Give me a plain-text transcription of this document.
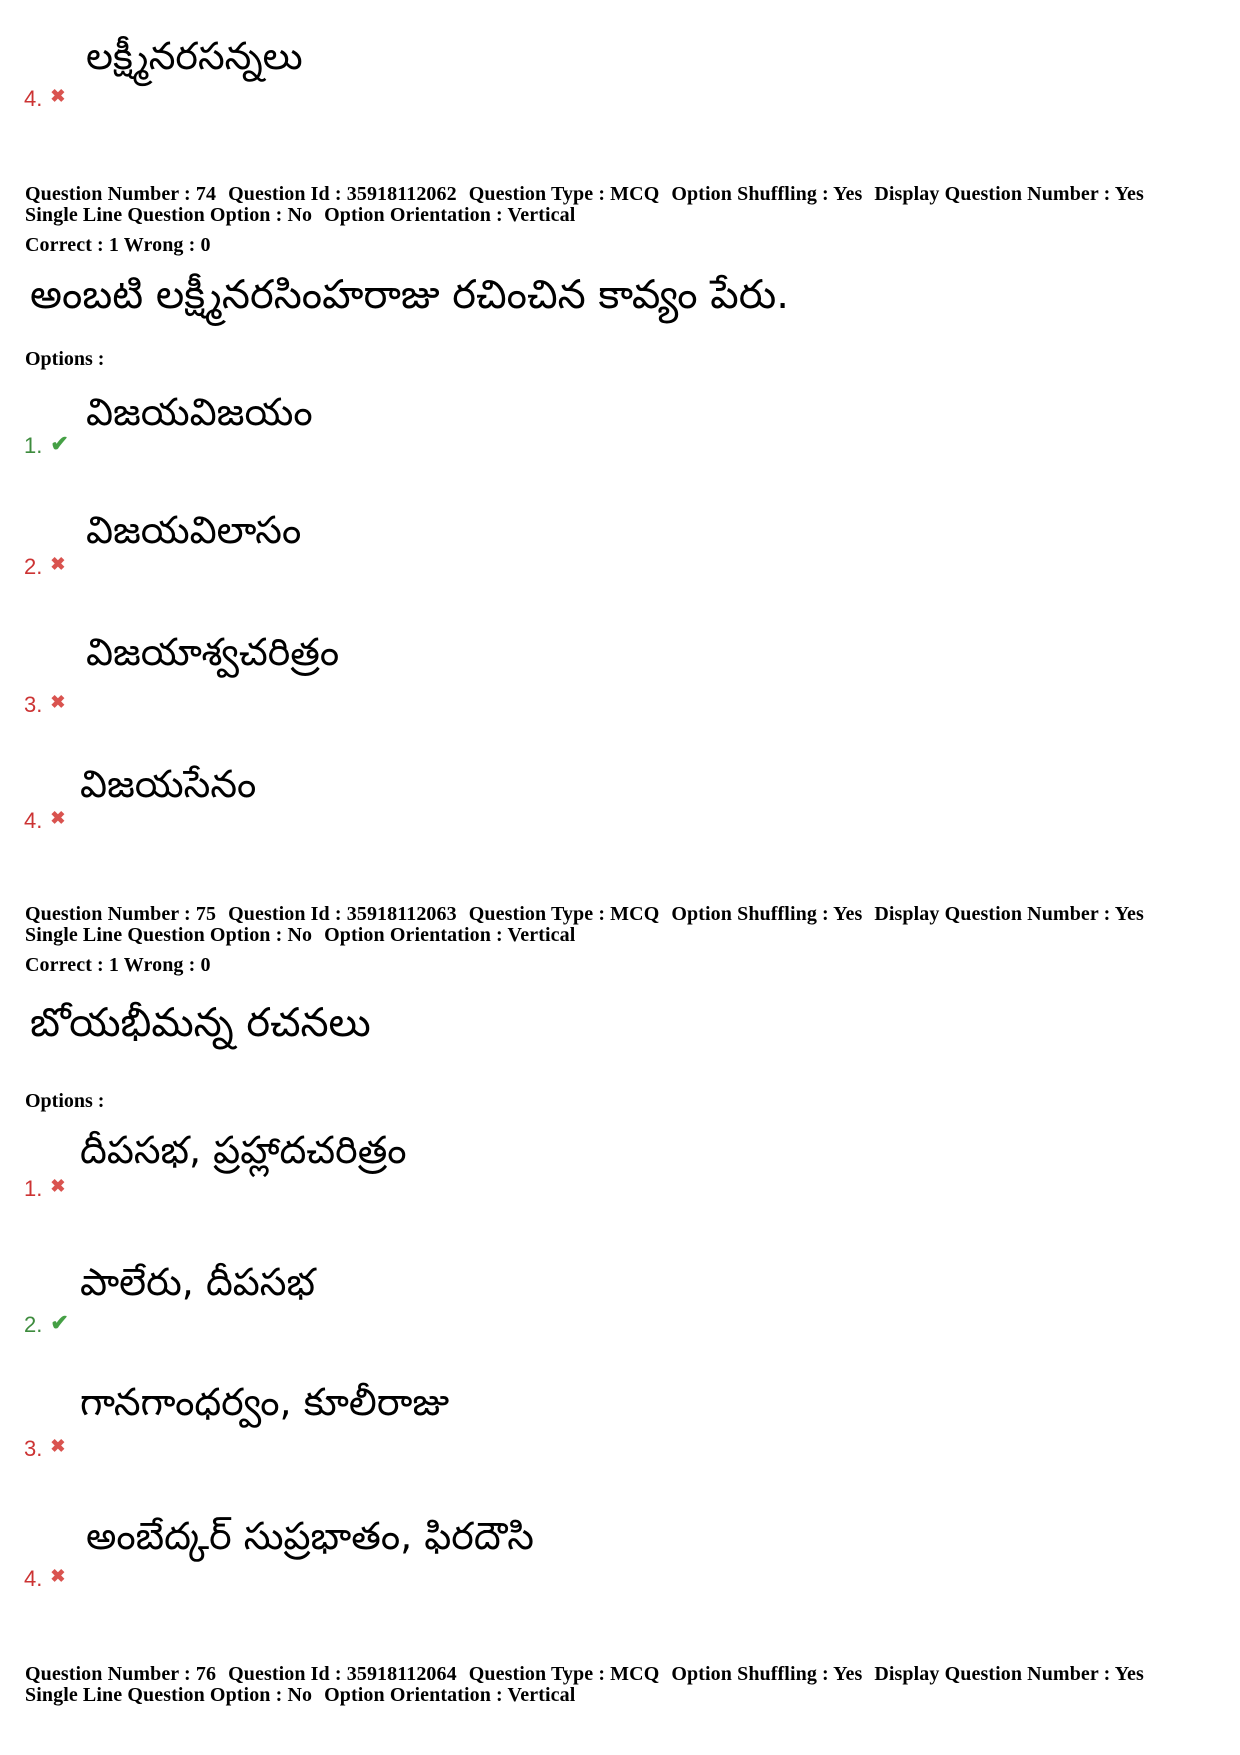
లక్ష్మీనరసన్నలు
4. ✖
Question Number : 74 Question Id : 35918112062 Question Type : MCQ Option Shuffling : Yes Display Question Number : Yes
Single Line Question Option : No Option Orientation : Vertical
Correct : 1 Wrong : 0
అంబటి లక్ష్మీనరసింహరాజు రచించిన కావ్యం పేరు.
Options :
విజయవిజయం
1. ✔
విజయవిలాసం
2. ✖
విజయాశ్వచరిత్రం
3. ✖
విజయసేనం
4. ✖
Question Number : 75 Question Id : 35918112063 Question Type : MCQ Option Shuffling : Yes Display Question Number : Yes
Single Line Question Option : No Option Orientation : Vertical
Correct : 1 Wrong : 0
బోయభీమన్న రచనలు
Options :
దీపసభ, ప్రహ్లాదచరిత్రం
1. ✖
పాలేరు, దీపసభ
2. ✔
గానగాంధర్వం, కూలీరాజు
3. ✖
అంబేద్కర్ సుప్రభాతం, ఫిరదౌసి
4. ✖
Question Number : 76 Question Id : 35918112064 Question Type : MCQ Option Shuffling : Yes Display Question Number : Yes
Single Line Question Option : No Option Orientation : Vertical
